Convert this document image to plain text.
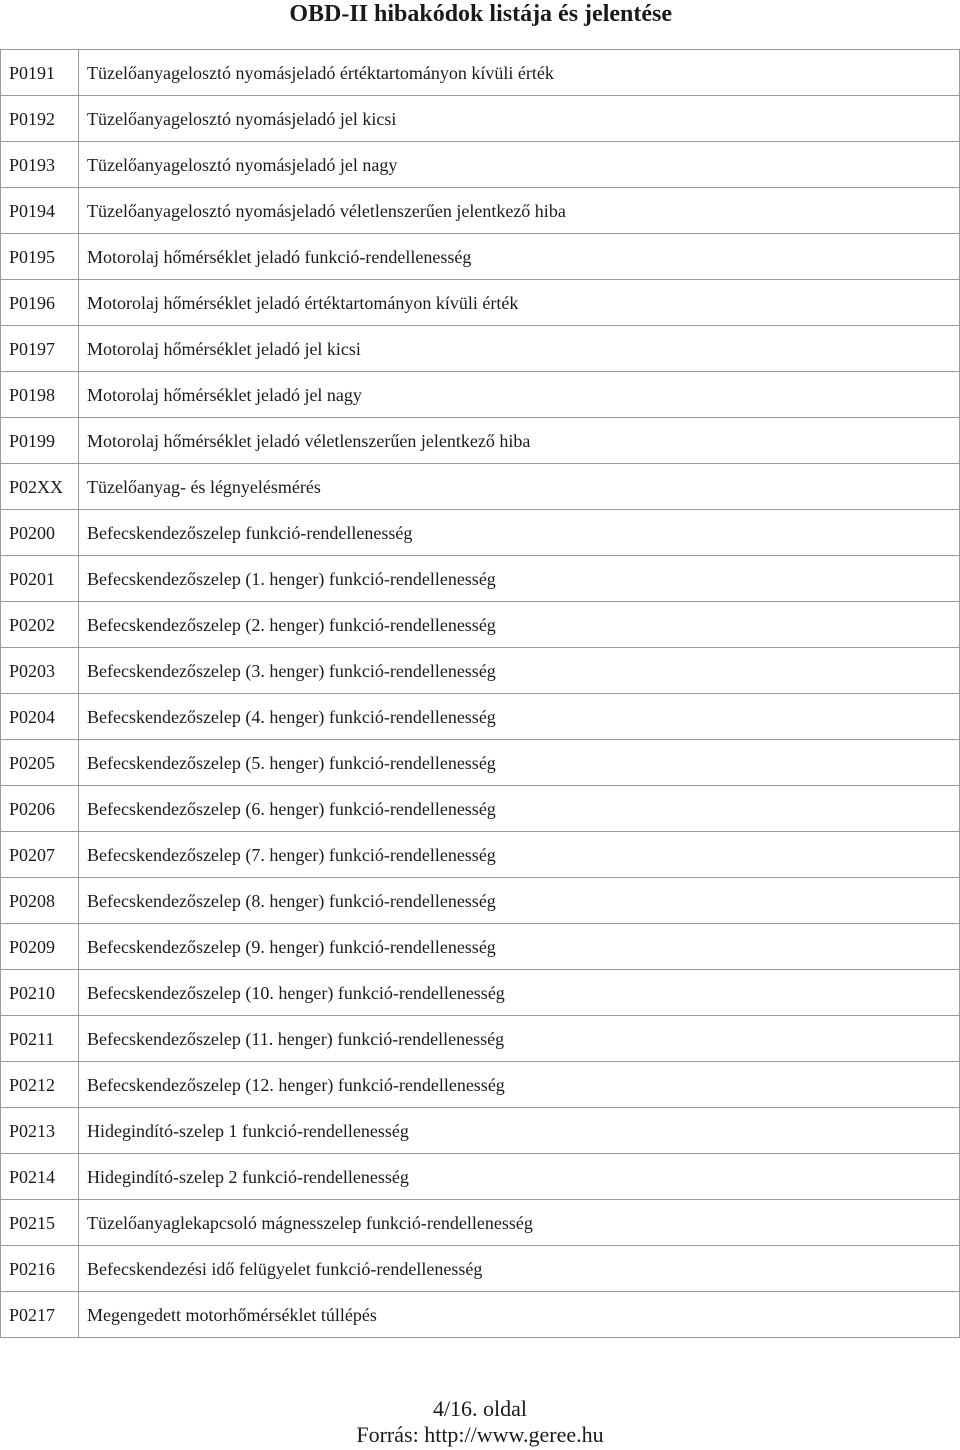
OBD-II hibakódok listája és jelentése
P0191	Tüzelőanyagelosztó nyomásjeladó értéktartományon kívüli érték
P0192	Tüzelőanyagelosztó nyomásjeladó jel kicsi
P0193	Tüzelőanyagelosztó nyomásjeladó jel nagy
P0194	Tüzelőanyagelosztó nyomásjeladó véletlenszerűen jelentkező hiba
P0195	Motorolaj hőmérséklet jeladó funkció-rendellenesség
P0196	Motorolaj hőmérséklet jeladó értéktartományon kívüli érték
P0197	Motorolaj hőmérséklet jeladó jel kicsi
P0198	Motorolaj hőmérséklet jeladó jel nagy
P0199	Motorolaj hőmérséklet jeladó véletlenszerűen jelentkező hiba
P02XX	Tüzelőanyag- és légnyelésmérés
P0200	Befecskendezőszelep funkció-rendellenesség
P0201	Befecskendezőszelep (1. henger) funkció-rendellenesség
P0202	Befecskendezőszelep (2. henger) funkció-rendellenesség
P0203	Befecskendezőszelep (3. henger) funkció-rendellenesség
P0204	Befecskendezőszelep (4. henger) funkció-rendellenesség
P0205	Befecskendezőszelep (5. henger) funkció-rendellenesség
P0206	Befecskendezőszelep (6. henger) funkció-rendellenesség
P0207	Befecskendezőszelep (7. henger) funkció-rendellenesség
P0208	Befecskendezőszelep (8. henger) funkció-rendellenesség
P0209	Befecskendezőszelep (9. henger) funkció-rendellenesség
P0210	Befecskendezőszelep (10. henger) funkció-rendellenesség
P0211	Befecskendezőszelep (11. henger) funkció-rendellenesség
P0212	Befecskendezőszelep (12. henger) funkció-rendellenesség
P0213	Hidegindító-szelep 1 funkció-rendellenesség
P0214	Hidegindító-szelep 2 funkció-rendellenesség
P0215	Tüzelőanyaglekapcsoló mágnesszelep funkció-rendellenesség
P0216	Befecskendezési idő felügyelet funkció-rendellenesség
P0217	Megengedett motorhőmérséklet túllépés
4/16. oldal
Forrás: http://www.geree.hu
